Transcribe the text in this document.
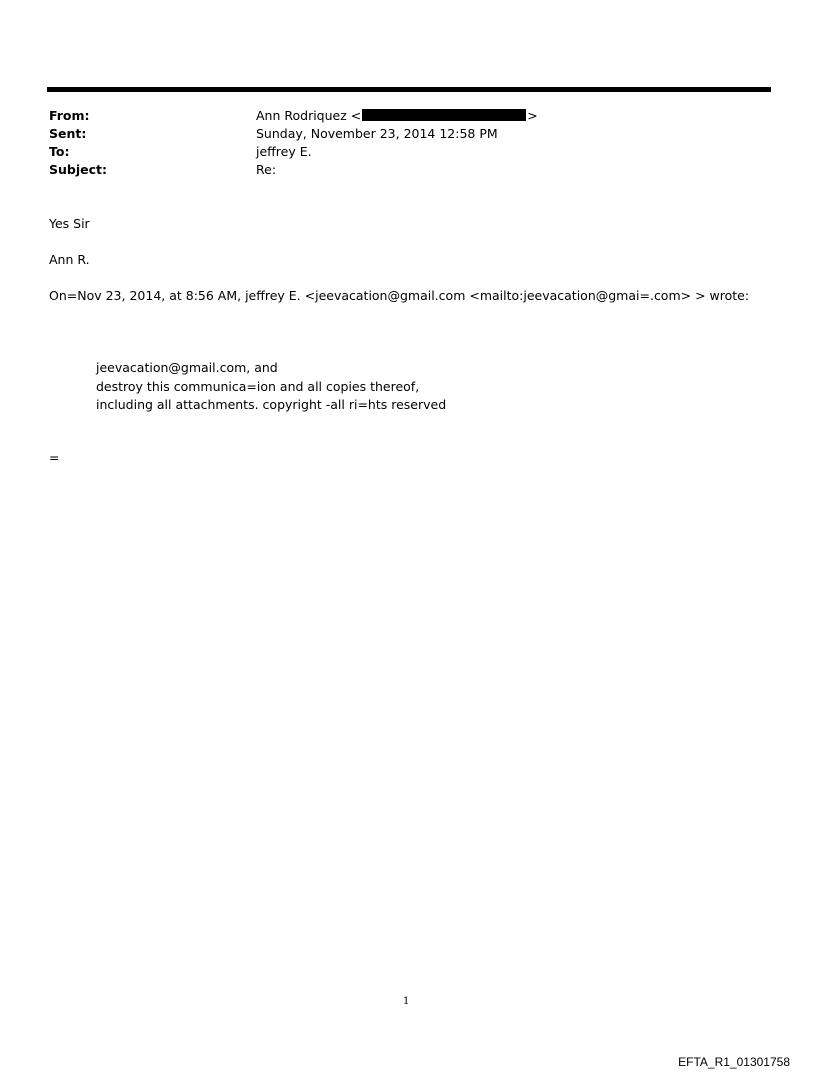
From:	Ann Rodriquez <	>
Sent:	Sunday, November 23, 2014 12:58 PM
To:	jeffrey E.
Subject:	Re:
Yes Sir
Ann R.
On=Nov 23, 2014, at 8:56 AM, jeffrey E. <jeevacation@gmail.com <mailto:jeevacation@gmai=.com> > wrote:
jeevacation@gmail.com, and
destroy this communica=ion and all copies thereof,
including all attachments. copyright -all ri=hts reserved
=
1
EFTA_R1_01301758
